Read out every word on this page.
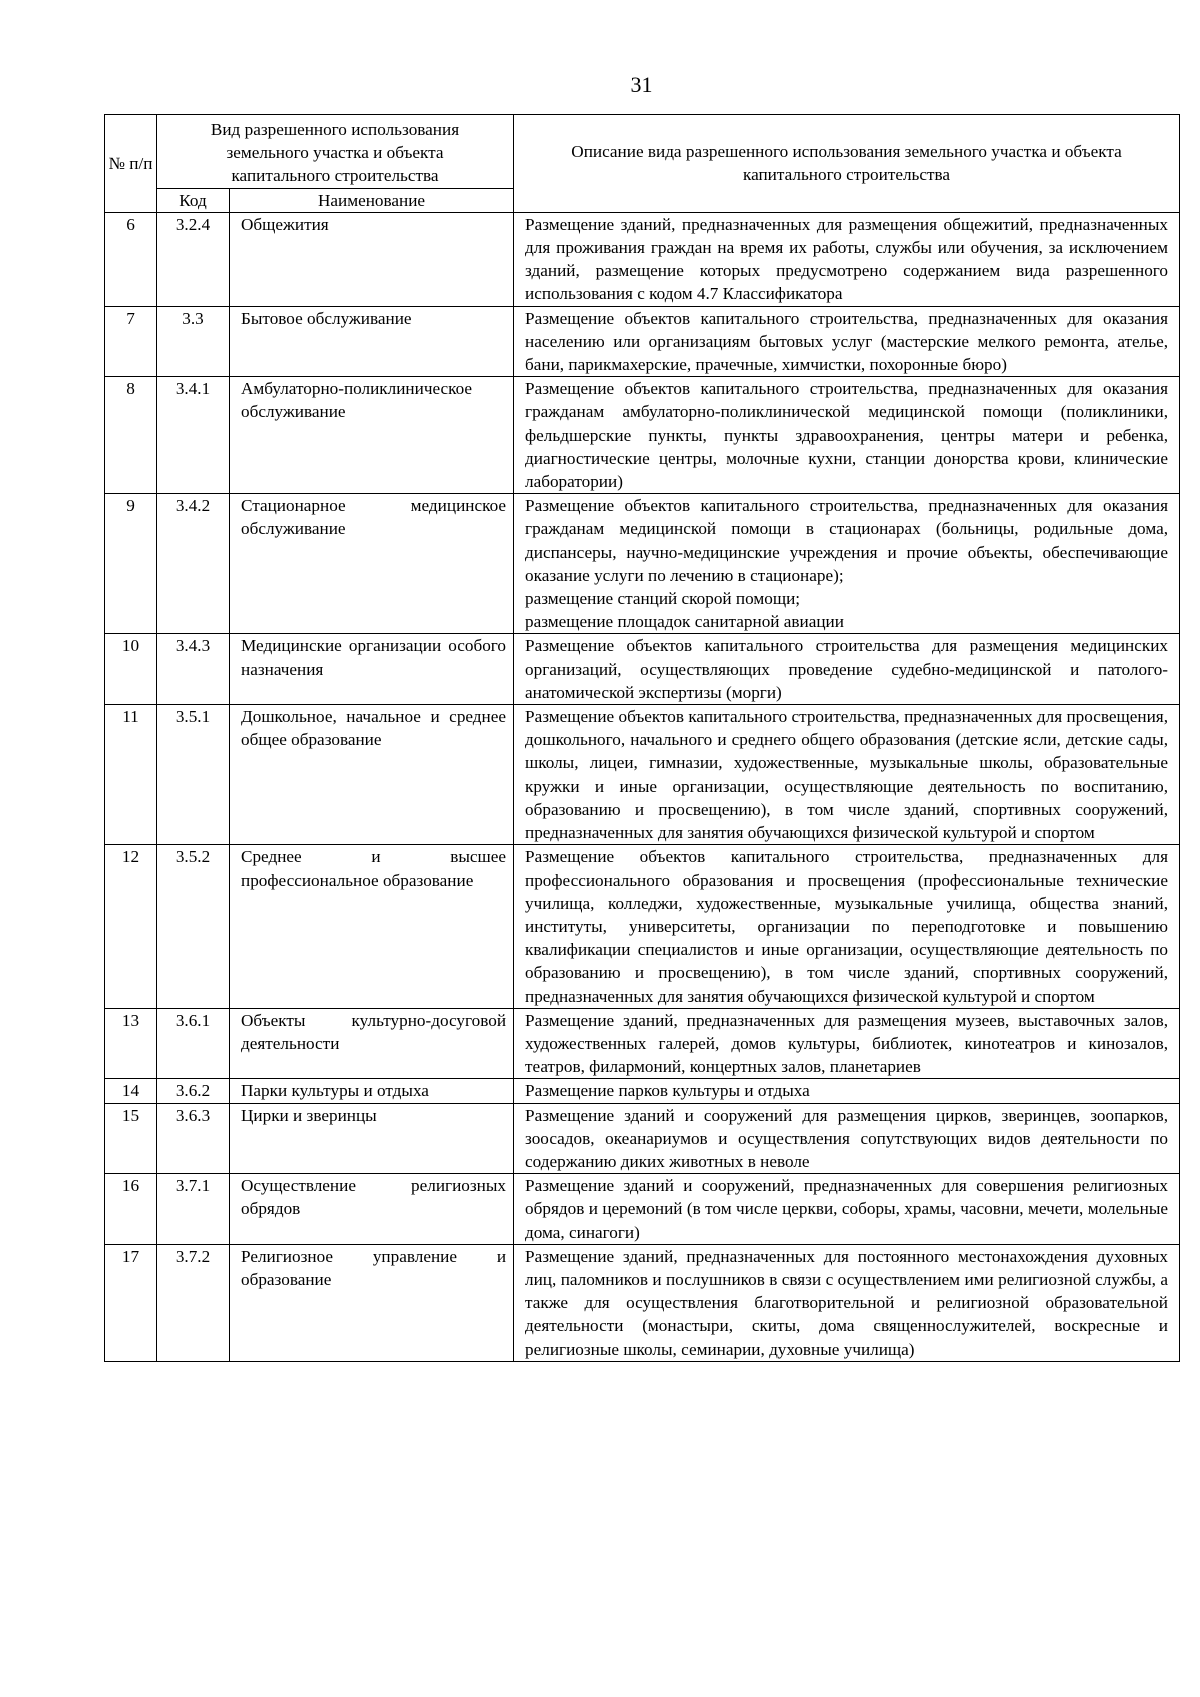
31
№ п/п	Вид разрешенного использования земельного участка и объекта капитального строительства		Описание вида разрешенного использования земельного участка и объекта капитального строительства
	Код	Наименование	
6	3.2.4	Общежития	Размещение зданий, предназначенных для размещения общежитий, предназначенных для проживания граждан на время их работы, службы или обучения, за исключением зданий, размещение которых предусмотрено содержанием вида разрешенного использования с кодом 4.7 Классификатора

7	3.3	Бытовое обслуживание	Размещение объектов капитального строительства, предназначенных для оказания населению или организациям бытовых услуг (мастерские мелкого ремонта, ателье, бани, парикмахерские, прачечные, химчистки, похоронные бюро)

8	3.4.1	Амбулаторно-поликлиническое обслуживание	Размещение объектов капитального строительства, предназначенных для оказания гражданам амбулаторно-поликлинической медицинской помощи (поликлиники, фельдшерские пункты, пункты здравоохранения, центры матери и ребенка, диагностические центры, молочные кухни, станции донорства крови, клинические лаборатории)

9	3.4.2	Стационарное медицинское обслуживание	Размещение объектов капитального строительства, предназначенных для оказания гражданам медицинской помощи в стационарах (больницы, родильные дома, диспансеры, научно-медицинские учреждения и прочие объекты, обеспечивающие оказание услуги по лечению в стационаре);
размещение станций скорой помощи;
размещение площадок санитарной авиации

10	3.4.3	Медицинские организации особого назначения	Размещение объектов капитального строительства для размещения медицинских организаций, осуществляющих проведение судебно-медицинской и патолого-анатомической экспертизы (морги)

11	3.5.1	Дошкольное, начальное и среднее общее образование	Размещение объектов капитального строительства, предназначенных для просвещения, дошкольного, начального и среднего общего образования (детские ясли, детские сады, школы, лицеи, гимназии, художественные, музыкальные школы, образовательные кружки и иные организации, осуществляющие деятельность по воспитанию, образованию и просвещению), в том числе зданий, спортивных сооружений, предназначенных для занятия обучающихся физической культурой и спортом

12	3.5.2	Среднее и высшее профессиональное образование	Размещение объектов капитального строительства, предназначенных для профессионального образования и просвещения (профессиональные технические училища, колледжи, художественные, музыкальные училища, общества знаний, институты, университеты, организации по переподготовке и повышению квалификации специалистов и иные организации, осуществляющие деятельность по образованию и просвещению), в том числе зданий, спортивных сооружений, предназначенных для занятия обучающихся физической культурой и спортом

13	3.6.1	Объекты культурно-досуговой деятельности	Размещение зданий, предназначенных для размещения музеев, выставочных залов, художественных галерей, домов культуры, библиотек, кинотеатров и кинозалов, театров, филармоний, концертных залов, планетариев

14	3.6.2	Парки культуры и отдыха	Размещение парков культуры и отдыха

15	3.6.3	Цирки и зверинцы	Размещение зданий и сооружений для размещения цирков, зверинцев, зоопарков, зоосадов, океанариумов и осуществления сопутствующих видов деятельности по содержанию диких животных в неволе

16	3.7.1	Осуществление религиозных обрядов	Размещение зданий и сооружений, предназначенных для совершения религиозных обрядов и церемоний (в том числе церкви, соборы, храмы, часовни, мечети, молельные дома, синагоги)

17	3.7.2	Религиозное управление и образование	Размещение зданий, предназначенных для постоянного местонахождения духовных лиц, паломников и послушников в связи с осуществлением ими религиозной службы, а также для осуществления благотворительной и религиозной образовательной деятельности (монастыри, скиты, дома священнослужителей, воскресные и религиозные школы, семинарии, духовные училища)
